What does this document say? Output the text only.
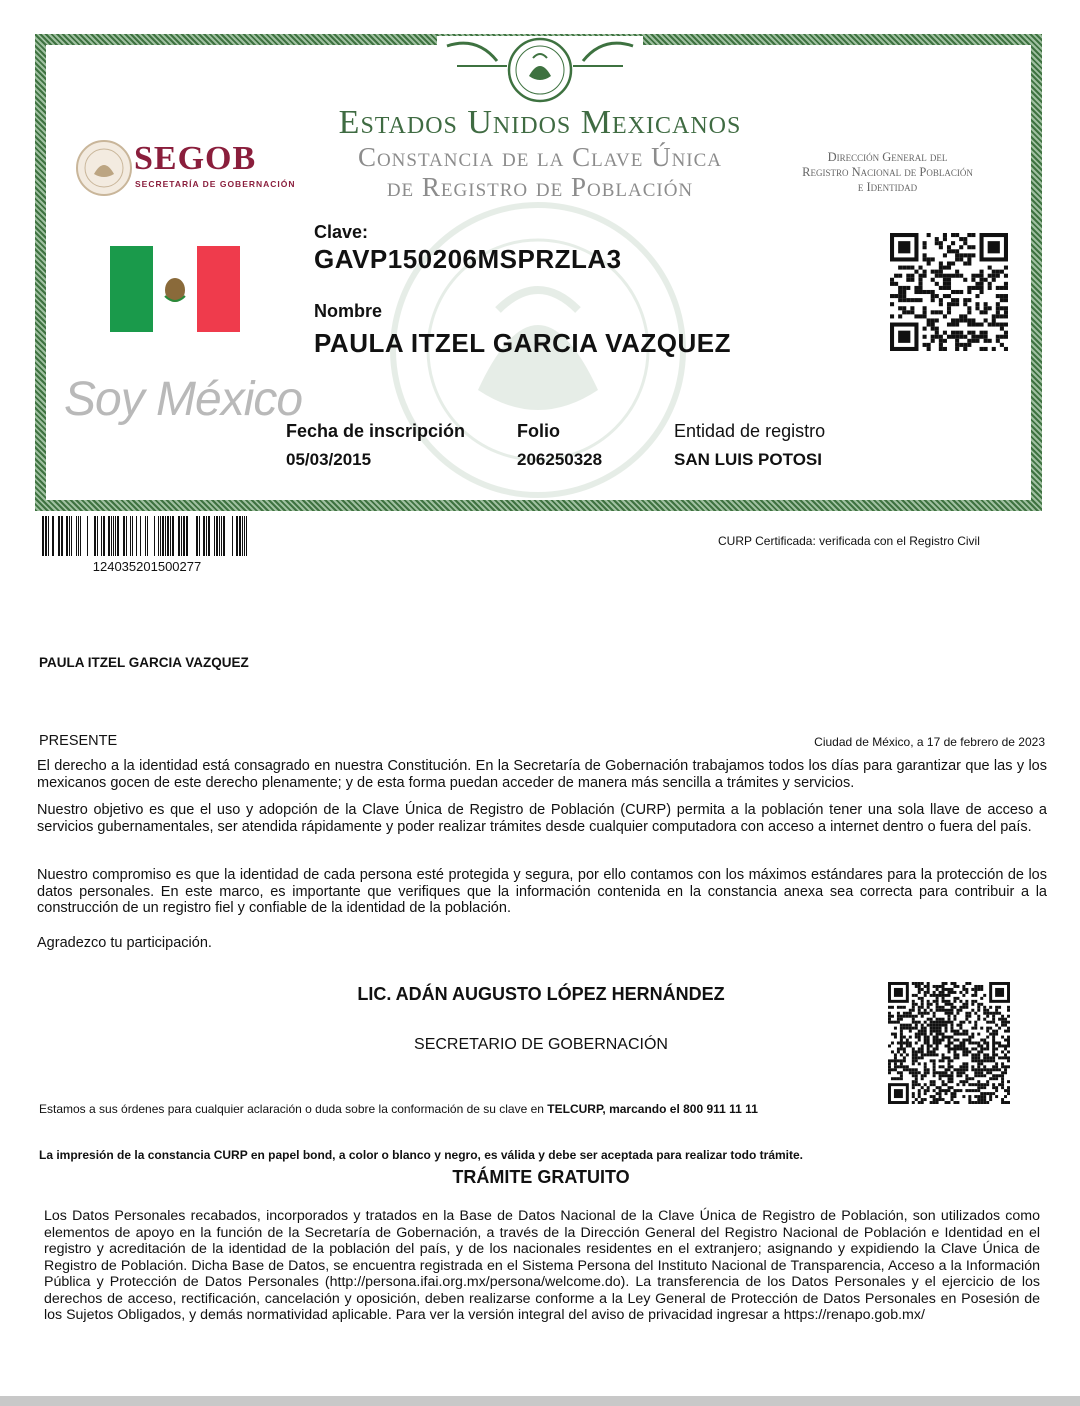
Estados Unidos Mexicanos
Constancia de la Clave Única
de Registro de Población
SEGOB
SECRETARÍA DE GOBERNACIÓN
Dirección General del
Registro Nacional de Población
e Identidad
Soy México
Clave:
GAVP150206MSPRZLA3
Nombre
PAULA ITZEL GARCIA VAZQUEZ
Fecha de inscripción
05/03/2015
Folio
206250328
Entidad de registro
SAN LUIS POTOSI
124035201500277
CURP Certificada: verificada con el Registro Civil
PAULA ITZEL GARCIA VAZQUEZ
PRESENTE	Ciudad de México, a 17 de febrero de 2023
El derecho a la identidad está consagrado en nuestra Constitución. En la Secretaría de Gobernación trabajamos todos los días para garantizar que las y los mexicanos gocen de este derecho plenamente; y de esta forma puedan acceder de manera más sencilla a trámites y servicios.
Nuestro objetivo es que el uso y adopción de la Clave Única de Registro de Población (CURP) permita a la población tener una sola llave de acceso a servicios gubernamentales, ser atendida rápidamente y poder realizar trámites desde cualquier computadora con acceso a internet dentro o fuera del país.
Nuestro compromiso es que la identidad de cada persona esté protegida y segura, por ello contamos con los máximos estándares para la protección de los datos personales. En este marco, es importante que verifiques que la información contenida en la constancia anexa sea correcta para contribuir a la construcción de un registro fiel y confiable de la identidad de la población.
Agradezco tu participación.
LIC. ADÁN AUGUSTO LÓPEZ HERNÁNDEZ
SECRETARIO DE GOBERNACIÓN
Estamos a sus órdenes para cualquier aclaración o duda sobre la conformación de su clave en TELCURP, marcando el 800 911 11 11
La impresión de la constancia CURP en papel bond, a color o blanco y negro, es válida y debe ser aceptada para realizar todo trámite.
TRÁMITE GRATUITO
Los Datos Personales recabados, incorporados y tratados en la Base de Datos Nacional de la Clave Única de Registro de Población, son utilizados como elementos de apoyo en la función de la Secretaría de Gobernación, a través de la Dirección General del Registro Nacional de Población e Identidad en el registro y acreditación de la identidad de la población del país, y de los nacionales residentes en el extranjero; asignando y expidiendo la Clave Única de Registro de Población. Dicha Base de Datos, se encuentra registrada en el Sistema Persona del Instituto Nacional de Transparencia, Acceso a la Información Pública y Protección de Datos Personales (http://persona.ifai.org.mx/persona/welcome.do). La transferencia de los Datos Personales y el ejercicio de los derechos de acceso, rectificación, cancelación y oposición, deben realizarse conforme a la Ley General de Protección de Datos Personales en Posesión de los Sujetos Obligados, y demás normatividad aplicable. Para ver la versión integral del aviso de privacidad ingresar a https://renapo.gob.mx/
